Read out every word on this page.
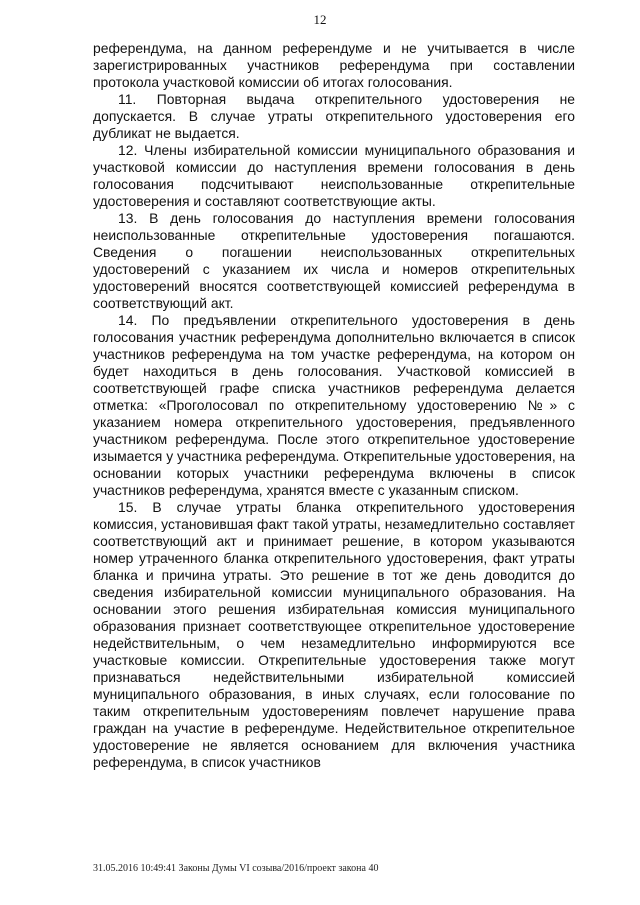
12

референдума, на данном референдуме и не учитывается в числе зарегистрированных участников референдума при составлении протокола участковой комиссии об итогах голосования.

11. Повторная выдача открепительного удостоверения не допускается. В случае утраты открепительного удостоверения его дубликат не выдается.

12. Члены избирательной комиссии муниципального образования и участковой комиссии до наступления времени голосования в день голосования подсчитывают неиспользованные открепительные удостоверения и составляют соответствующие акты.

13. В день голосования до наступления времени голосования неиспользованные открепительные удостоверения погашаются. Сведения о погашении неиспользованных открепительных удостоверений с указанием их числа и номеров открепительных удостоверений вносятся соответствующей комиссией референдума в соответствующий акт.

14. По предъявлении открепительного удостоверения в день голосования участник референдума дополнительно включается в список участников референдума на том участке референдума, на котором он будет находиться в день голосования. Участковой комиссией в соответствующей графе списка участников референдума делается отметка: «Проголосовал по открепительному удостоверению №» с указанием номера открепительного удостоверения, предъявленного участником референдума. После этого открепительное удостоверение изымается у участника референдума. Открепительные удостоверения, на основании которых участники референдума включены в список участников референдума, хранятся вместе с указанным списком.

15. В случае утраты бланка открепительного удостоверения комиссия, установившая факт такой утраты, незамедлительно составляет соответствующий акт и принимает решение, в котором указываются номер утраченного бланка открепительного удостоверения, факт утраты бланка и причина утраты. Это решение в тот же день доводится до сведения избирательной комиссии муниципального образования. На основании этого решения избирательная комиссия муниципального образования признает соответствующее открепительное удостоверение недействительным, о чем незамедлительно информируются все участковые комиссии. Открепительные удостоверения также могут признаваться недействительными избирательной комиссией муниципального образования, в иных случаях, если голосование по таким открепительным удостоверениям повлечет нарушение права граждан на участие в референдуме. Недействительное открепительное удостоверение не является основанием для включения участника референдума, в список участников

31.05.2016 10:49:41 Законы Думы VI созыва/2016/проект закона 40
